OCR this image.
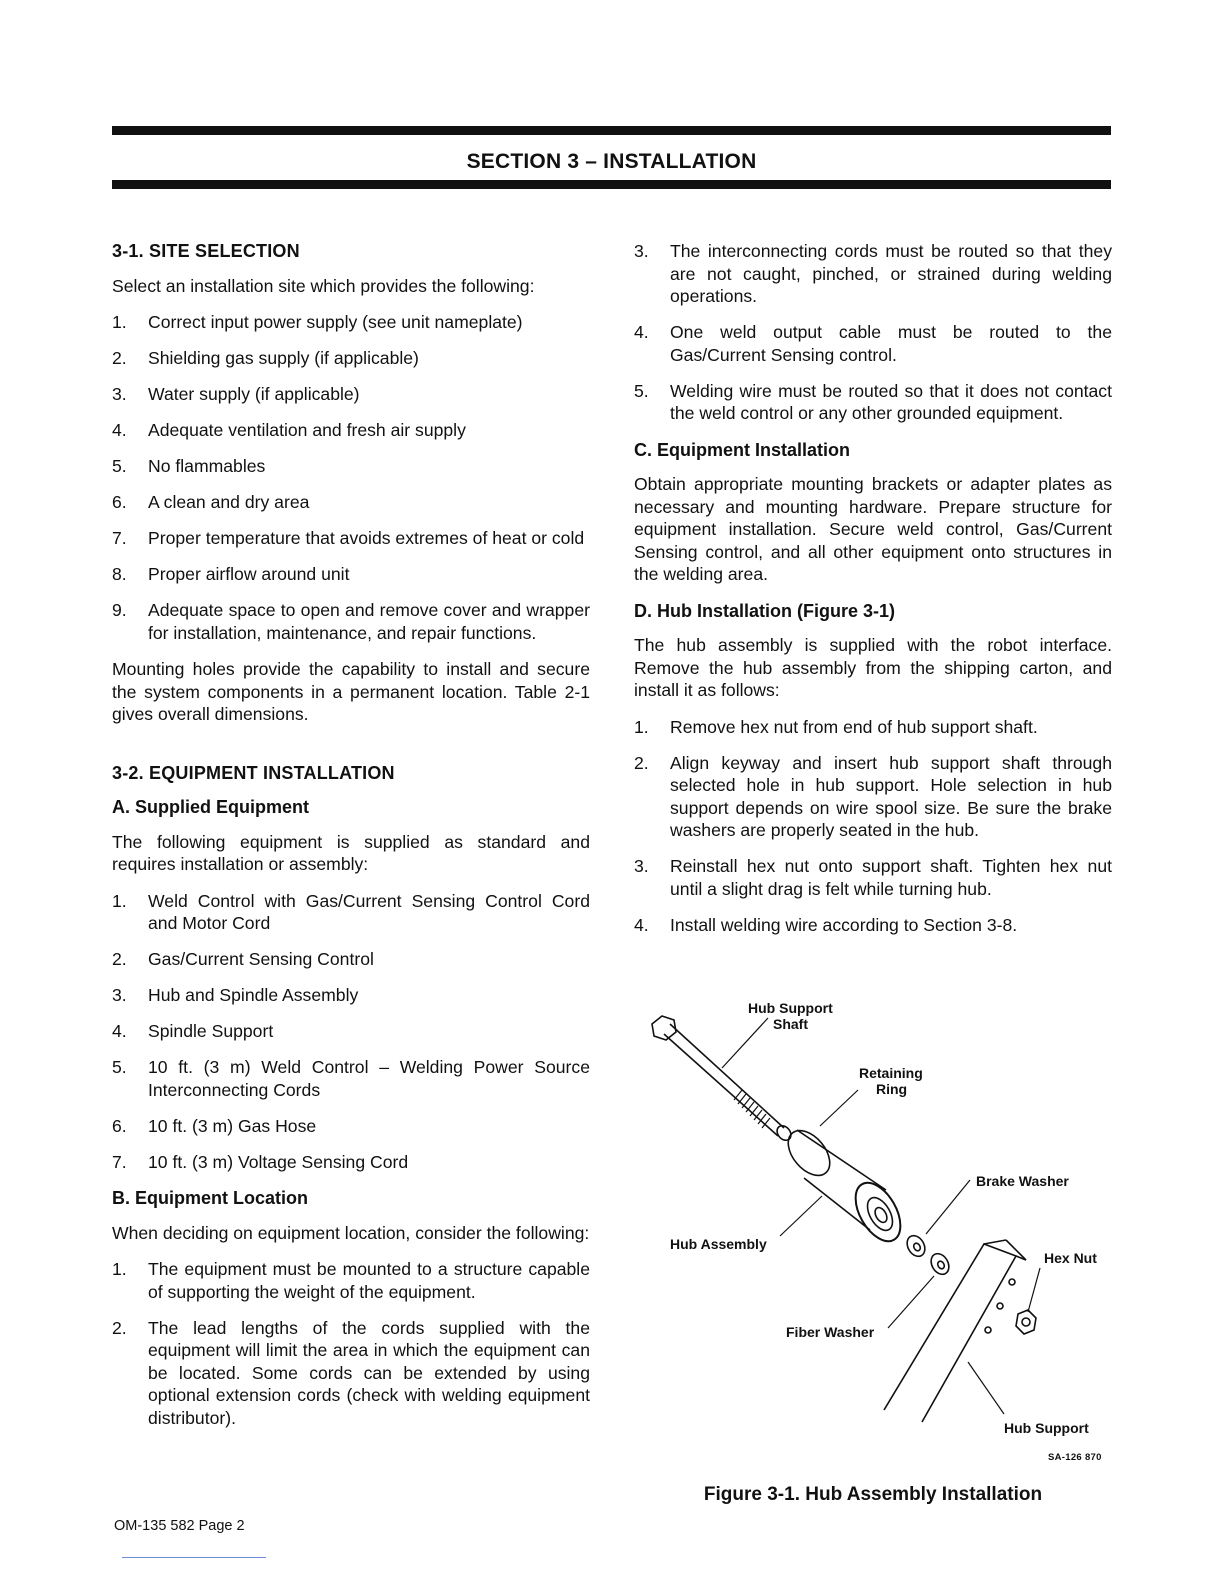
SECTION 3 – INSTALLATION
3-1. SITE SELECTION

Select an installation site which provides the following:

1. Correct input power supply (see unit nameplate)
2. Shielding gas supply (if applicable)
3. Water supply (if applicable)
4. Adequate ventilation and fresh air supply
5. No flammables
6. A clean and dry area
7. Proper temperature that avoids extremes of heat or cold
8. Proper airflow around unit
9. Adequate space to open and remove cover and wrapper for installation, maintenance, and repair functions.

Mounting holes provide the capability to install and secure the system components in a permanent location. Table 2-1 gives overall dimensions.

3-2. EQUIPMENT INSTALLATION
A. Supplied Equipment

The following equipment is supplied as standard and requires installation or assembly:

1. Weld Control with Gas/Current Sensing Control Cord and Motor Cord
2. Gas/Current Sensing Control
3. Hub and Spindle Assembly
4. Spindle Support
5. 10 ft. (3 m) Weld Control – Welding Power Source Interconnecting Cords
6. 10 ft. (3 m) Gas Hose
7. 10 ft. (3 m) Voltage Sensing Cord
B. Equipment Location

When deciding on equipment location, consider the following:

1. The equipment must be mounted to a structure capable of supporting the weight of the equipment.
2. The lead lengths of the cords supplied with the equipment will limit the area in which the equipment can be located. Some cords can be extended by using optional extension cords (check with welding equipment distributor).
3. The interconnecting cords must be routed so that they are not caught, pinched, or strained during welding operations.
4. One weld output cable must be routed to the Gas/Current Sensing control.
5. Welding wire must be routed so that it does not contact the weld control or any other grounded equipment.
C. Equipment Installation

Obtain appropriate mounting brackets or adapter plates as necessary and mounting hardware. Prepare structure for equipment installation. Secure weld control, Gas/Current Sensing control, and all other equipment onto structures in the welding area.

D. Hub Installation (Figure 3-1)

The hub assembly is supplied with the robot interface. Remove the hub assembly from the shipping carton, and install it as follows:

1. Remove hex nut from end of hub support shaft.
2. Align keyway and insert hub support shaft through selected hole in hub support. Hole selection in hub support depends on wire spool size. Be sure the brake washers are properly seated in the hub.
3. Reinstall hex nut onto support shaft. Tighten hex nut until a slight drag is felt while turning hub.
4. Install welding wire according to Section 3-8.
Hub Support
Shaft
Retaining
Ring
Brake Washer
Hub Assembly
Hex Nut
Fiber Washer
Hub Support
SA-126 870
Figure 3-1. Hub Assembly Installation
OM-135 582 Page 2
